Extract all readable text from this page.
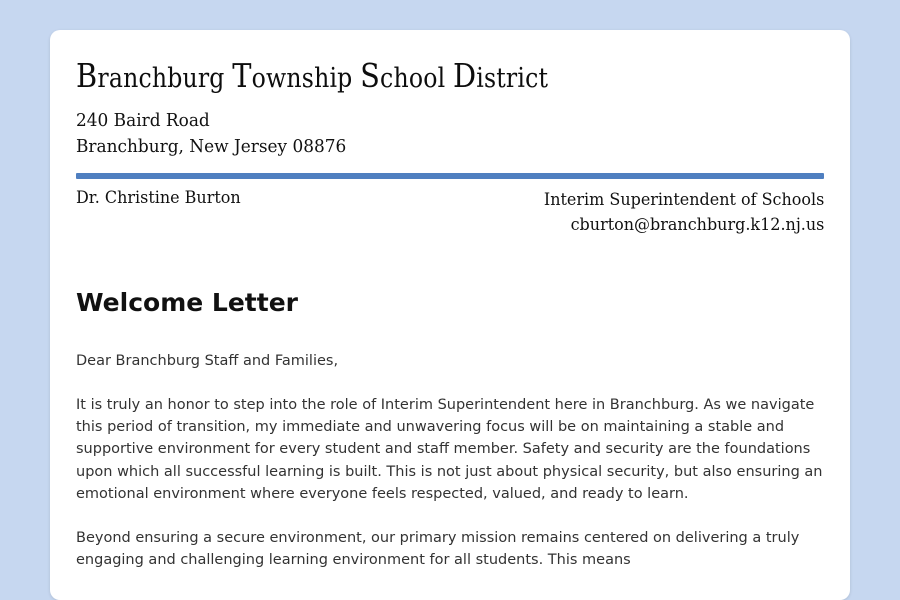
Branchburg Township School District
240 Baird Road
Branchburg, New Jersey 08876
Dr. Christine Burton	Interim Superintendent of Schools
cburton@branchburg.k12.nj.us
Welcome Letter

Dear Branchburg Staff and Families,

It is truly an honor to step into the role of Interim Superintendent here in Branchburg. As we navigate this period of transition, my immediate and unwavering focus will be on maintaining a stable and supportive environment for every student and staff member. Safety and security are the foundations upon which all successful learning is built. This is not just about physical security, but also ensuring an emotional environment where everyone feels respected, valued, and ready to learn.

Beyond ensuring a secure environment, our primary mission remains centered on delivering a truly engaging and challenging learning environment for all students. This means
